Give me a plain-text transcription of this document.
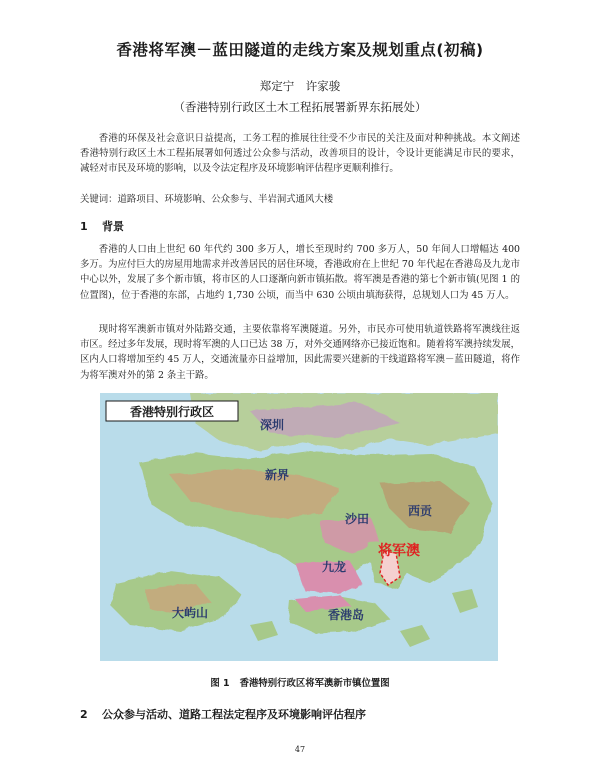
香港将军澳－蓝田隧道的走线方案及规划重点(初稿)
郑定宁　许家骏
（香港特别行政区土木工程拓展署新界东拓展处）

香港的环保及社会意识日益提高，工务工程的推展往往受不少市民的关注及面对种种挑战。本文阐述香港特别行政区土木工程拓展署如何透过公众参与活动，改善项目的设计，令设计更能满足市民的要求，减轻对市民及环境的影响，以及令法定程序及环境影响评估程序更顺利推行。

关键词：道路项目、环境影响、公众参与、半岩洞式通风大楼

1 背景

香港的人口由上世纪 60 年代约 300 多万人，增长至现时约 700 多万人，50 年间人口增幅达 400 多万。为应付巨大的房屋用地需求并改善居民的居住环境，香港政府在上世纪 70 年代起在香港岛及九龙市中心以外，发展了多个新市镇，将市区的人口逐渐向新市镇拓散。将军澳是香港的第七个新市镇(见图 1 的位置图)，位于香港的东部，占地约 1,730 公顷，而当中 630 公顷由填海获得，总规划人口为 45 万人。

现时将军澳新市镇对外陆路交通，主要依靠将军澳隧道。另外，市民亦可使用轨道铁路将军澳线往返市区。经过多年发展，现时将军澳的人口已达 38 万，对外交通网络亦已接近饱和。随着将军澳持续发展，区内人口将增加至约 45 万人，交通流量亦日益增加，因此需要兴建新的干线道路将军澳－蓝田隧道，将作为将军澳对外的第 2 条主干路。

香港特别行政区
深圳
新界
沙田
西贡
九龙
大屿山	香港岛
将军澳
图 1 香港特别行政区将军澳新市镇位置图
2 公众参与活动、道路工程法定程序及环境影响评估程序
47
